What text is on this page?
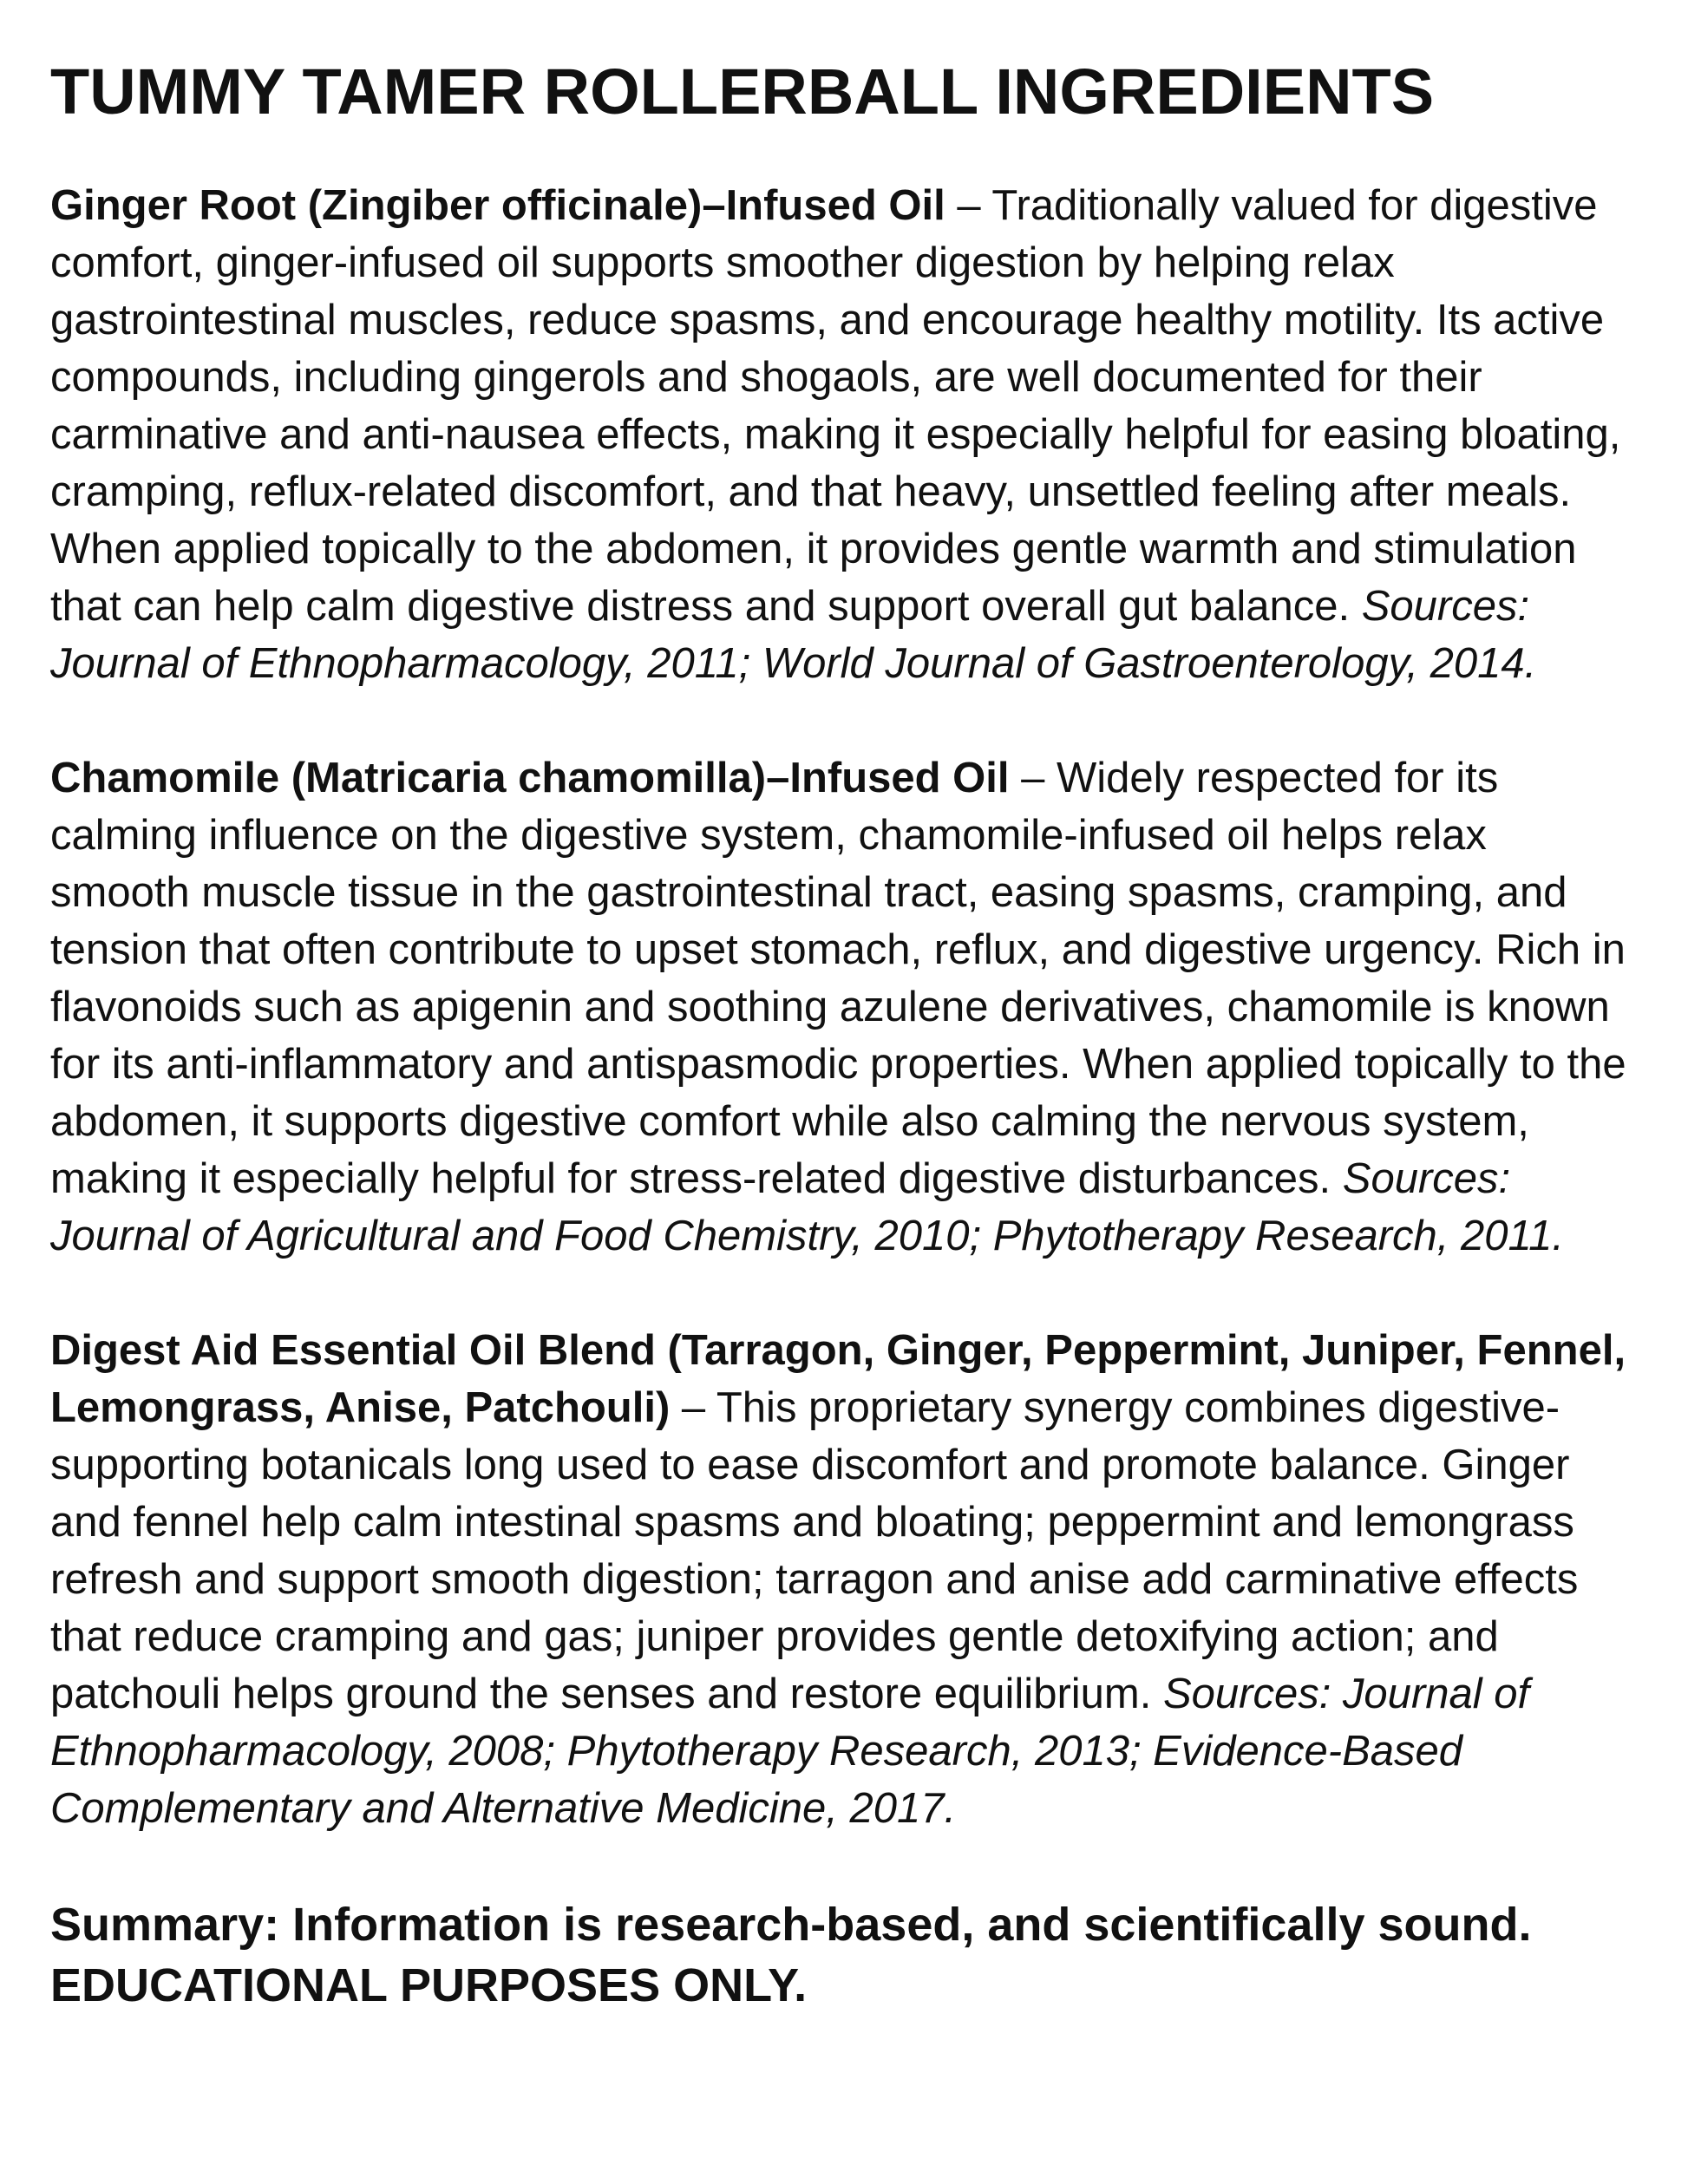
TUMMY TAMER ROLLERBALL INGREDIENTS

Ginger Root (Zingiber officinale)–Infused Oil – Traditionally valued for digestive comfort, ginger-infused oil supports smoother digestion by helping relax gastrointestinal muscles, reduce spasms, and encourage healthy motility. Its active compounds, including gingerols and shogaols, are well documented for their carminative and anti-nausea effects, making it especially helpful for easing bloating, cramping, reflux-related discomfort, and that heavy, unsettled feeling after meals. When applied topically to the abdomen, it provides gentle warmth and stimulation that can help calm digestive distress and support overall gut balance. Sources: Journal of Ethnopharmacology, 2011; World Journal of Gastroenterology, 2014.

Chamomile (Matricaria chamomilla)–Infused Oil – Widely respected for its calming influence on the digestive system, chamomile-infused oil helps relax smooth muscle tissue in the gastrointestinal tract, easing spasms, cramping, and tension that often contribute to upset stomach, reflux, and digestive urgency. Rich in flavonoids such as apigenin and soothing azulene derivatives, chamomile is known for its anti-inflammatory and antispasmodic properties. When applied topically to the abdomen, it supports digestive comfort while also calming the nervous system, making it especially helpful for stress-related digestive disturbances. Sources: Journal of Agricultural and Food Chemistry, 2010; Phytotherapy Research, 2011.

Digest Aid Essential Oil Blend (Tarragon, Ginger, Peppermint, Juniper, Fennel, Lemongrass, Anise, Patchouli) – This proprietary synergy combines digestive-supporting botanicals long used to ease discomfort and promote balance. Ginger and fennel help calm intestinal spasms and bloating; peppermint and lemongrass refresh and support smooth digestion; tarragon and anise add carminative effects that reduce cramping and gas; juniper provides gentle detoxifying action; and patchouli helps ground the senses and restore equilibrium. Sources: Journal of Ethnopharmacology, 2008; Phytotherapy Research, 2013; Evidence-Based Complementary and Alternative Medicine, 2017.

Summary: Information is research-based, and scientifically sound.
EDUCATIONAL PURPOSES ONLY.
